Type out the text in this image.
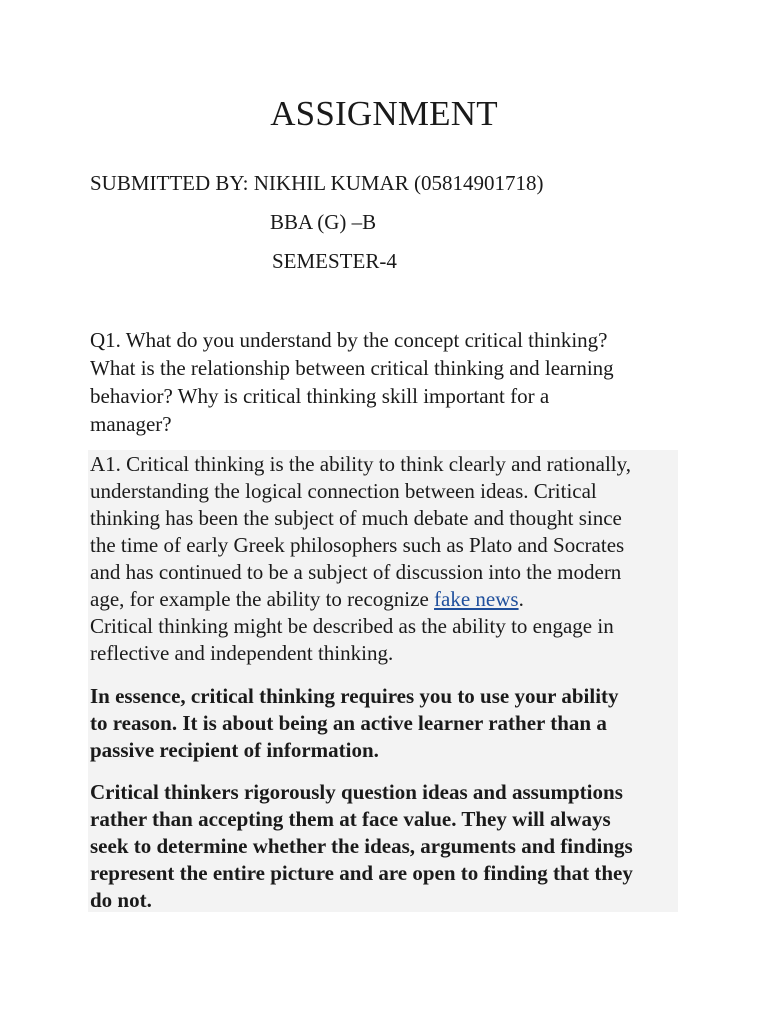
ASSIGNMENT
SUBMITTED BY: NIKHIL KUMAR (05814901718)
BBA (G) –B
SEMESTER-4
Q1. What do you understand by the concept critical thinking?
What is the relationship between critical thinking and learning
behavior? Why is critical thinking skill important for a
manager?
A1. Critical thinking is the ability to think clearly and rationally,
understanding the logical connection between ideas. Critical
thinking has been the subject of much debate and thought since
the time of early Greek philosophers such as Plato and Socrates
and has continued to be a subject of discussion into the modern
age, for example the ability to recognize fake news.
Critical thinking might be described as the ability to engage in
reflective and independent thinking.
In essence, critical thinking requires you to use your ability
to reason. It is about being an active learner rather than a
passive recipient of information.
Critical thinkers rigorously question ideas and assumptions
rather than accepting them at face value. They will always
seek to determine whether the ideas, arguments and findings
represent the entire picture and are open to finding that they
do not.
